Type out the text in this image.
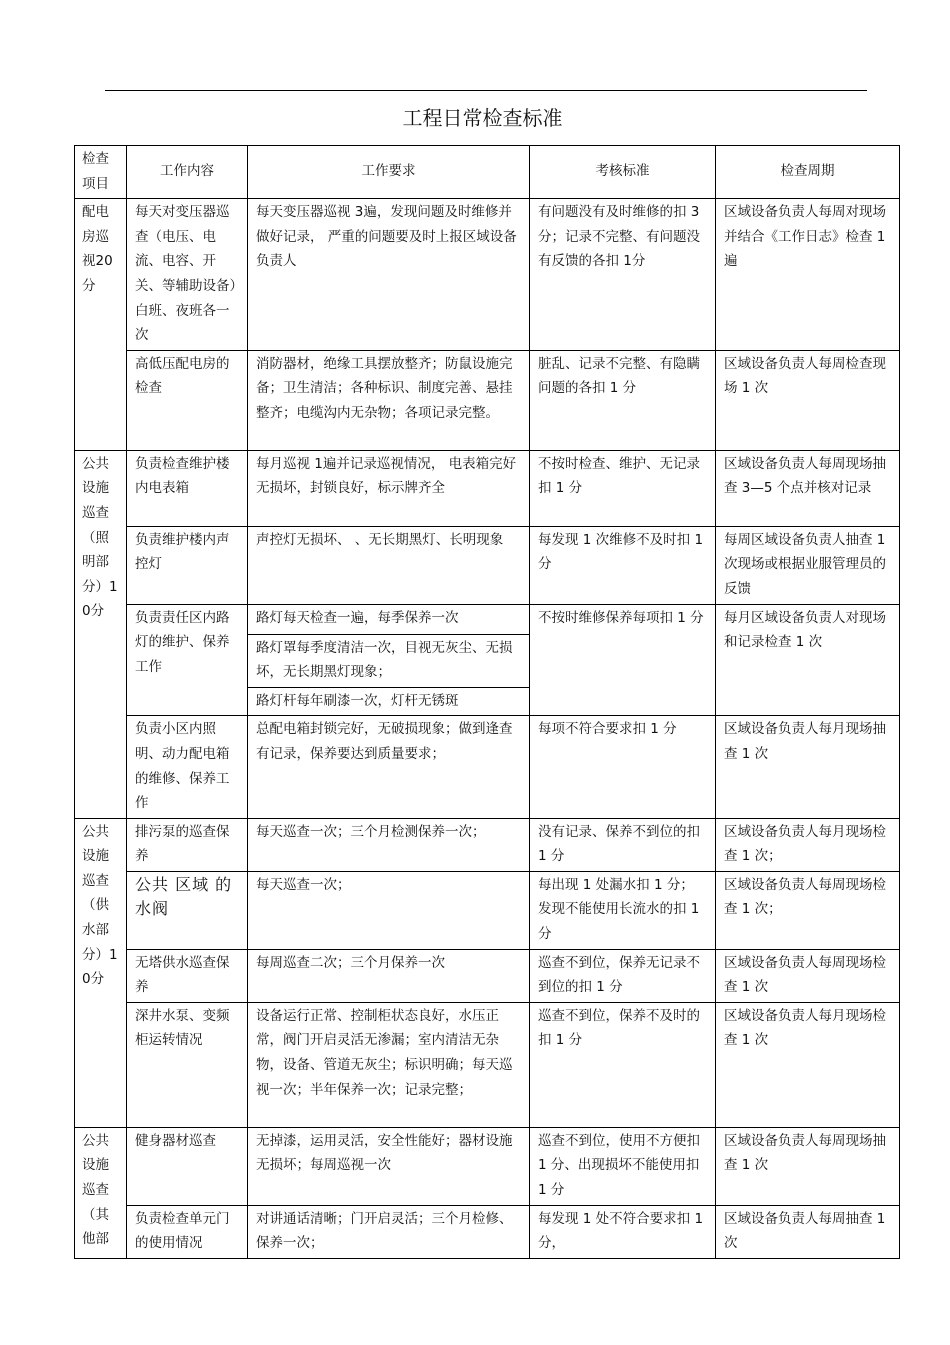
工程日常检查标准
检查项目	工作内容	工作要求	考核标准	检查周期
配电房巡视20分	每天对变压器巡查（电压、电流、电容、开关、等辅助设备）白班、夜班各一次	每天变压器巡视 3遍，发现问题及时维修并做好记录， 严重的问题要及时上报区域设备负责人	有问题没有及时维修的扣 3 分；记录不完整、有问题没有反馈的各扣 1分	区域设备负责人每周对现场并结合《工作日志》检查 1遍
	高低压配电房的检查	消防器材，绝缘工具摆放整齐；防鼠设施完备；卫生清洁；各种标识、制度完善、悬挂整齐；电缆沟内无杂物；各项记录完整。	脏乱、记录不完整、有隐瞒问题的各扣 1 分	区域设备负责人每周检查现场 1 次
公共设施巡查（照明部分）10分	负责检查维护楼内电表箱	每月巡视 1遍并记录巡视情况， 电表箱完好无损坏，封锁良好，标示牌齐全	不按时检查、维护、无记录扣 1 分	区域设备负责人每周现场抽查 3—5 个点并核对记录
	负责维护楼内声控灯	声控灯无损坏、 、无长期黑灯、长明现象	每发现 1 次维修不及时扣 1 分	每周区域设备负责人抽查 1 次现场或根据业服管理员的反馈
	负责责任区内路灯的维护、保养工作	路灯每天检查一遍，每季保养一次	不按时维修保养每项扣 1 分	每月区域设备负责人对现场和记录检查 1 次
		路灯罩每季度清洁一次，目视无灰尘、无损坏，无长期黑灯现象；		
		路灯杆每年刷漆一次，灯杆无锈斑		
	负责小区内照明、动力配电箱的维修、保养工作	总配电箱封锁完好，无破损现象；做到逢查有记录，保养要达到质量要求；	每项不符合要求扣 1 分	区域设备负责人每月现场抽查 1 次
公共设施巡查（供水部分）10分	排污泵的巡查保养	每天巡查一次；三个月检测保养一次；	没有记录、保养不到位的扣 1 分	区域设备负责人每月现场检查 1 次；
	公共 区域 的水阀	每天巡查一次；	每出现 1 处漏水扣 1 分；发现不能使用长流水的扣 1 分	区域设备负责人每周现场检查 1 次；
	无塔供水巡查保养	每周巡查二次；三个月保养一次	巡查不到位，保养无记录不到位的扣 1 分	区域设备负责人每周现场检查 1 次
	深井水泵、变频柜运转情况	设备运行正常、控制柜状态良好，水压正常，阀门开启灵活无渗漏；室内清洁无杂物，设备、管道无灰尘；标识明确；每天巡视一次；半年保养一次；记录完整；	巡查不到位，保养不及时的扣 1 分	区域设备负责人每月现场检查 1 次
公共设施巡查（其他部	健身器材巡查	无掉漆，运用灵活，安全性能好；器材设施无损坏；每周巡视一次	巡查不到位，使用不方便扣 1 分、出现损坏不能使用扣 1 分	区域设备负责人每周现场抽查 1 次
	负责检查单元门的使用情况	对讲通话清晰；门开启灵活；三个月检修、保养一次；	每发现 1 处不符合要求扣 1 分，	区域设备负责人每周抽查 1 次
